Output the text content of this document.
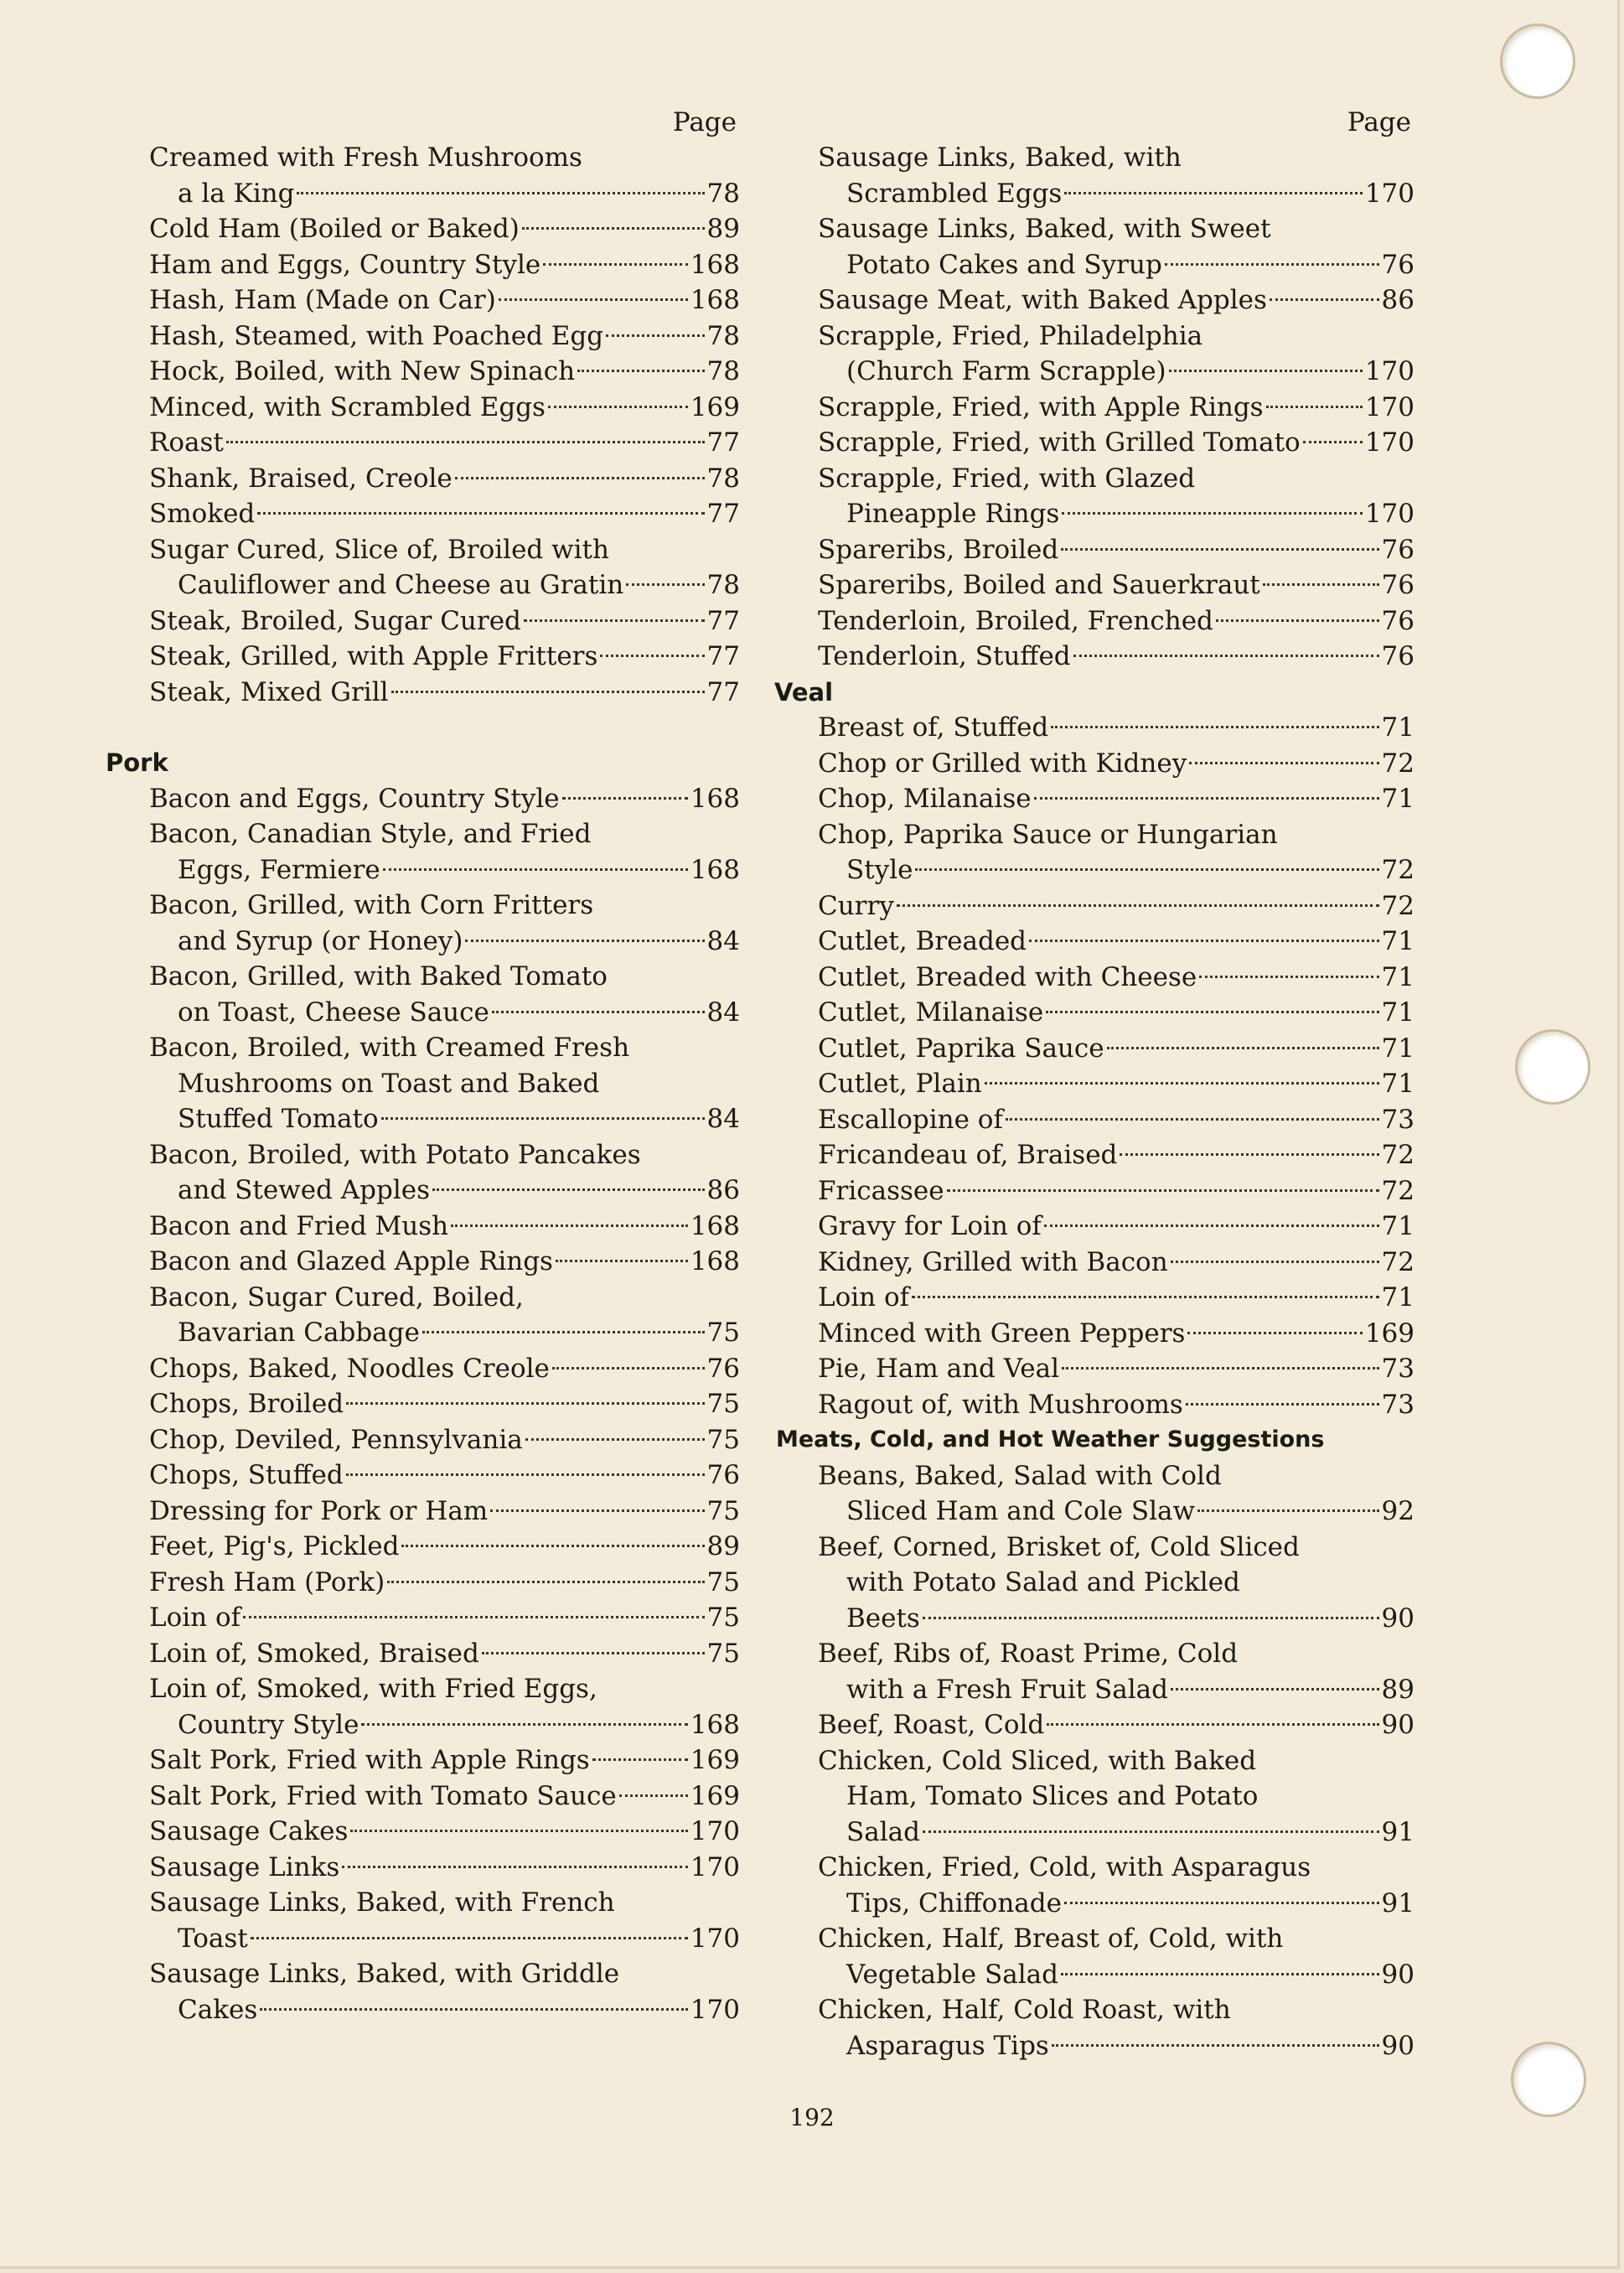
Page
Creamed with Fresh Mushrooms
a la King	78
Cold Ham (Boiled or Baked)	89
Ham and Eggs, Country Style	168
Hash, Ham (Made on Car)	168
Hash, Steamed, with Poached Egg	78
Hock, Boiled, with New Spinach	78
Minced, with Scrambled Eggs	169
Roast	77
Shank, Braised, Creole	78
Smoked	77
Sugar Cured, Slice of, Broiled with
Cauliflower and Cheese au Gratin	78
Steak, Broiled, Sugar Cured	77
Steak, Grilled, with Apple Fritters	77
Steak, Mixed Grill	77
Pork
Bacon and Eggs, Country Style	168
Bacon, Canadian Style, and Fried
Eggs, Fermiere	168
Bacon, Grilled, with Corn Fritters
and Syrup (or Honey)	84
Bacon, Grilled, with Baked Tomato
on Toast, Cheese Sauce	84
Bacon, Broiled, with Creamed Fresh
Mushrooms on Toast and Baked
Stuffed Tomato	84
Bacon, Broiled, with Potato Pancakes
and Stewed Apples	86
Bacon and Fried Mush	168
Bacon and Glazed Apple Rings	168
Bacon, Sugar Cured, Boiled,
Bavarian Cabbage	75
Chops, Baked, Noodles Creole	76
Chops, Broiled	75
Chop, Deviled, Pennsylvania	75
Chops, Stuffed	76
Dressing for Pork or Ham	75
Feet, Pig's, Pickled	89
Fresh Ham (Pork)	75
Loin of	75
Loin of, Smoked, Braised	75
Loin of, Smoked, with Fried Eggs,
Country Style	168
Salt Pork, Fried with Apple Rings	169
Salt Pork, Fried with Tomato Sauce	169
Sausage Cakes	170
Sausage Links	170
Sausage Links, Baked, with French
Toast	170
Sausage Links, Baked, with Griddle
Cakes	170
Page
Sausage Links, Baked, with
Scrambled Eggs	170
Sausage Links, Baked, with Sweet
Potato Cakes and Syrup	76
Sausage Meat, with Baked Apples	86
Scrapple, Fried, Philadelphia
(Church Farm Scrapple)	170
Scrapple, Fried, with Apple Rings	170
Scrapple, Fried, with Grilled Tomato 170
Scrapple, Fried, with Glazed
Pineapple Rings	170
Spareribs, Broiled	76
Spareribs, Boiled and Sauerkraut	76
Tenderloin, Broiled, Frenched	76
Tenderloin, Stuffed	76
Veal
Breast of, Stuffed	71
Chop or Grilled with Kidney	72
Chop, Milanaise	71
Chop, Paprika Sauce or Hungarian
Style	72
Curry	72
Cutlet, Breaded	71
Cutlet, Breaded with Cheese	71
Cutlet, Milanaise	71
Cutlet, Paprika Sauce	71
Cutlet, Plain	71
Escallopine of	73
Fricandeau of, Braised	72
Fricassee	72
Gravy for Loin of	71
Kidney, Grilled with Bacon	72
Loin of	71
Minced with Green Peppers	169
Pie, Ham and Veal	73
Ragout of, with Mushrooms	73
Meats, Cold, and Hot Weather Suggestions
Beans, Baked, Salad with Cold
Sliced Ham and Cole Slaw	92
Beef, Corned, Brisket of, Cold Sliced
with Potato Salad and Pickled
Beets	90
Beef, Ribs of, Roast Prime, Cold
with a Fresh Fruit Salad	89
Beef, Roast, Cold	90
Chicken, Cold Sliced, with Baked
Ham, Tomato Slices and Potato
Salad	91
Chicken, Fried, Cold, with Asparagus
Tips, Chiffonade	91
Chicken, Half, Breast of, Cold, with
Vegetable Salad	90
Chicken, Half, Cold Roast, with
Asparagus Tips	90
192
